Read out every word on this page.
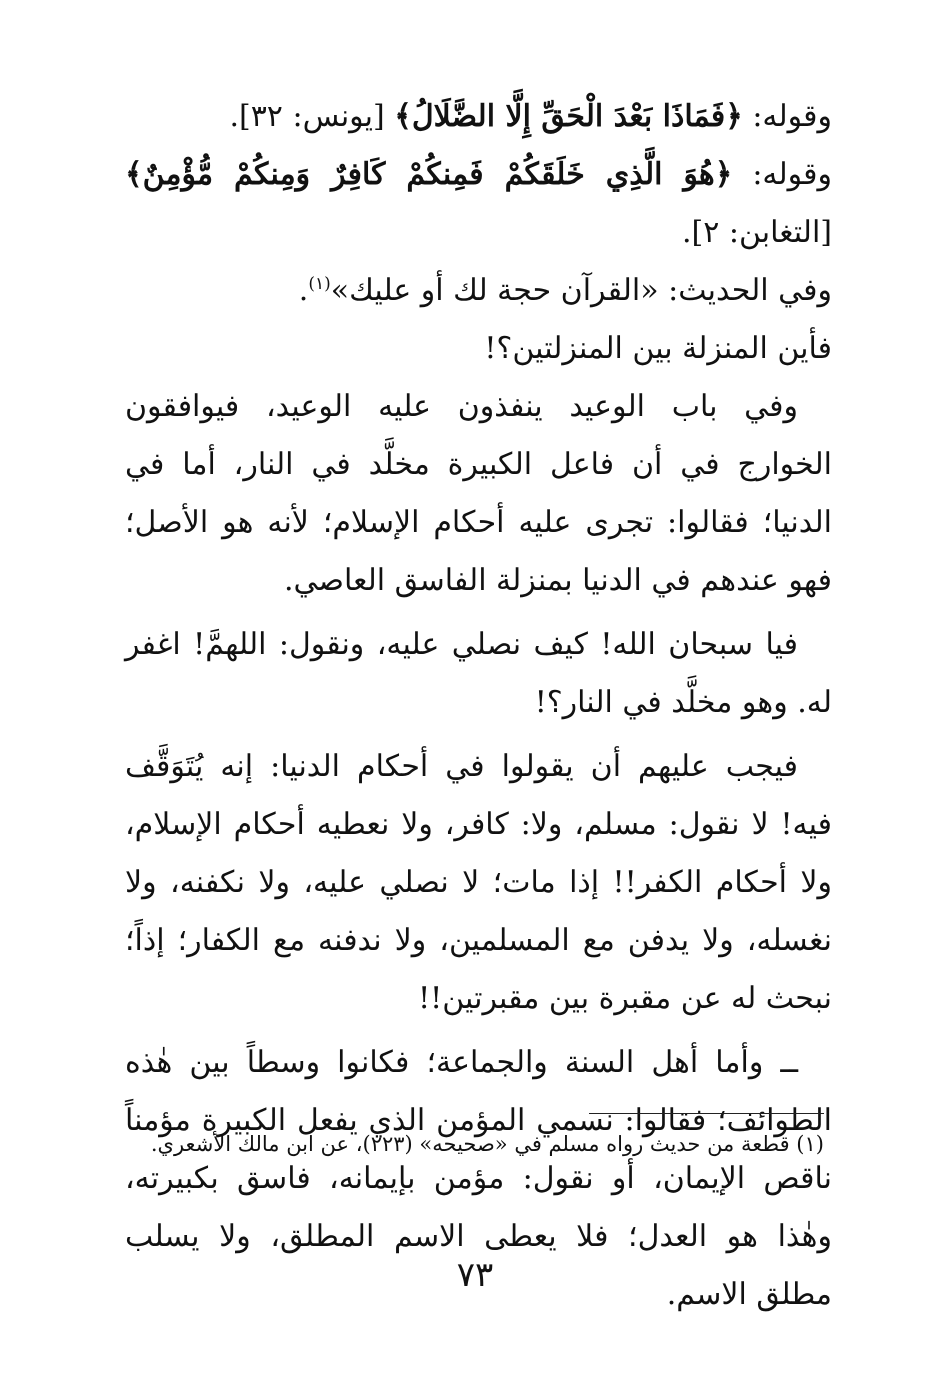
وقوله: ﴿فَمَاذَا بَعْدَ الْحَقِّ إِلَّا الضَّلَالُ﴾ [يونس: ٣٢].

وقوله: ﴿هُوَ الَّذِي خَلَقَكُمْ فَمِنكُمْ كَافِرٌ وَمِنكُمْ مُّؤْمِنٌ﴾ [التغابن: ٢].

وفي الحديث: «القرآن حجة لك أو عليك»$^{(١)}$.

فأين المنزلة بين المنزلتين؟!

وفي باب الوعيد ينفذون عليه الوعيد، فيوافقون الخوارج في أن فاعل الكبيرة مخلَّد في النار، أما في الدنيا؛ فقالوا: تجرى عليه أحكام الإسلام؛ لأنه هو الأصل؛ فهو عندهم في الدنيا بمنزلة الفاسق العاصي.

فيا سبحان الله! كيف نصلي عليه، ونقول: اللهمَّ! اغفر له. وهو مخلَّد في النار؟!

فيجب عليهم أن يقولوا في أحكام الدنيا: إنه يُتَوَقَّف فيه! لا نقول: مسلم، ولا: كافر، ولا نعطيه أحكام الإسلام، ولا أحكام الكفر!! إذا مات؛ لا نصلي عليه، ولا نكفنه، ولا نغسله، ولا يدفن مع المسلمين، ولا ندفنه مع الكفار؛ إذاً؛ نبحث له عن مقبرة بين مقبرتين!!

ــ وأما أهل السنة والجماعة؛ فكانوا وسطاً بين هٰذه الطوائف؛ فقالوا: نسمي المؤمن الذي يفعل الكبيرة مؤمناً ناقص الإيمان، أو نقول: مؤمن بإيمانه، فاسق بكبيرته، وهٰذا هو العدل؛ فلا يعطى الاسم المطلق، ولا يسلب مطلق الاسم.

(١) قطعة من حديث رواه مسلم في «صحيحه» (٢٢٣)، عن ابن مالك الأشعري.
٧٣
